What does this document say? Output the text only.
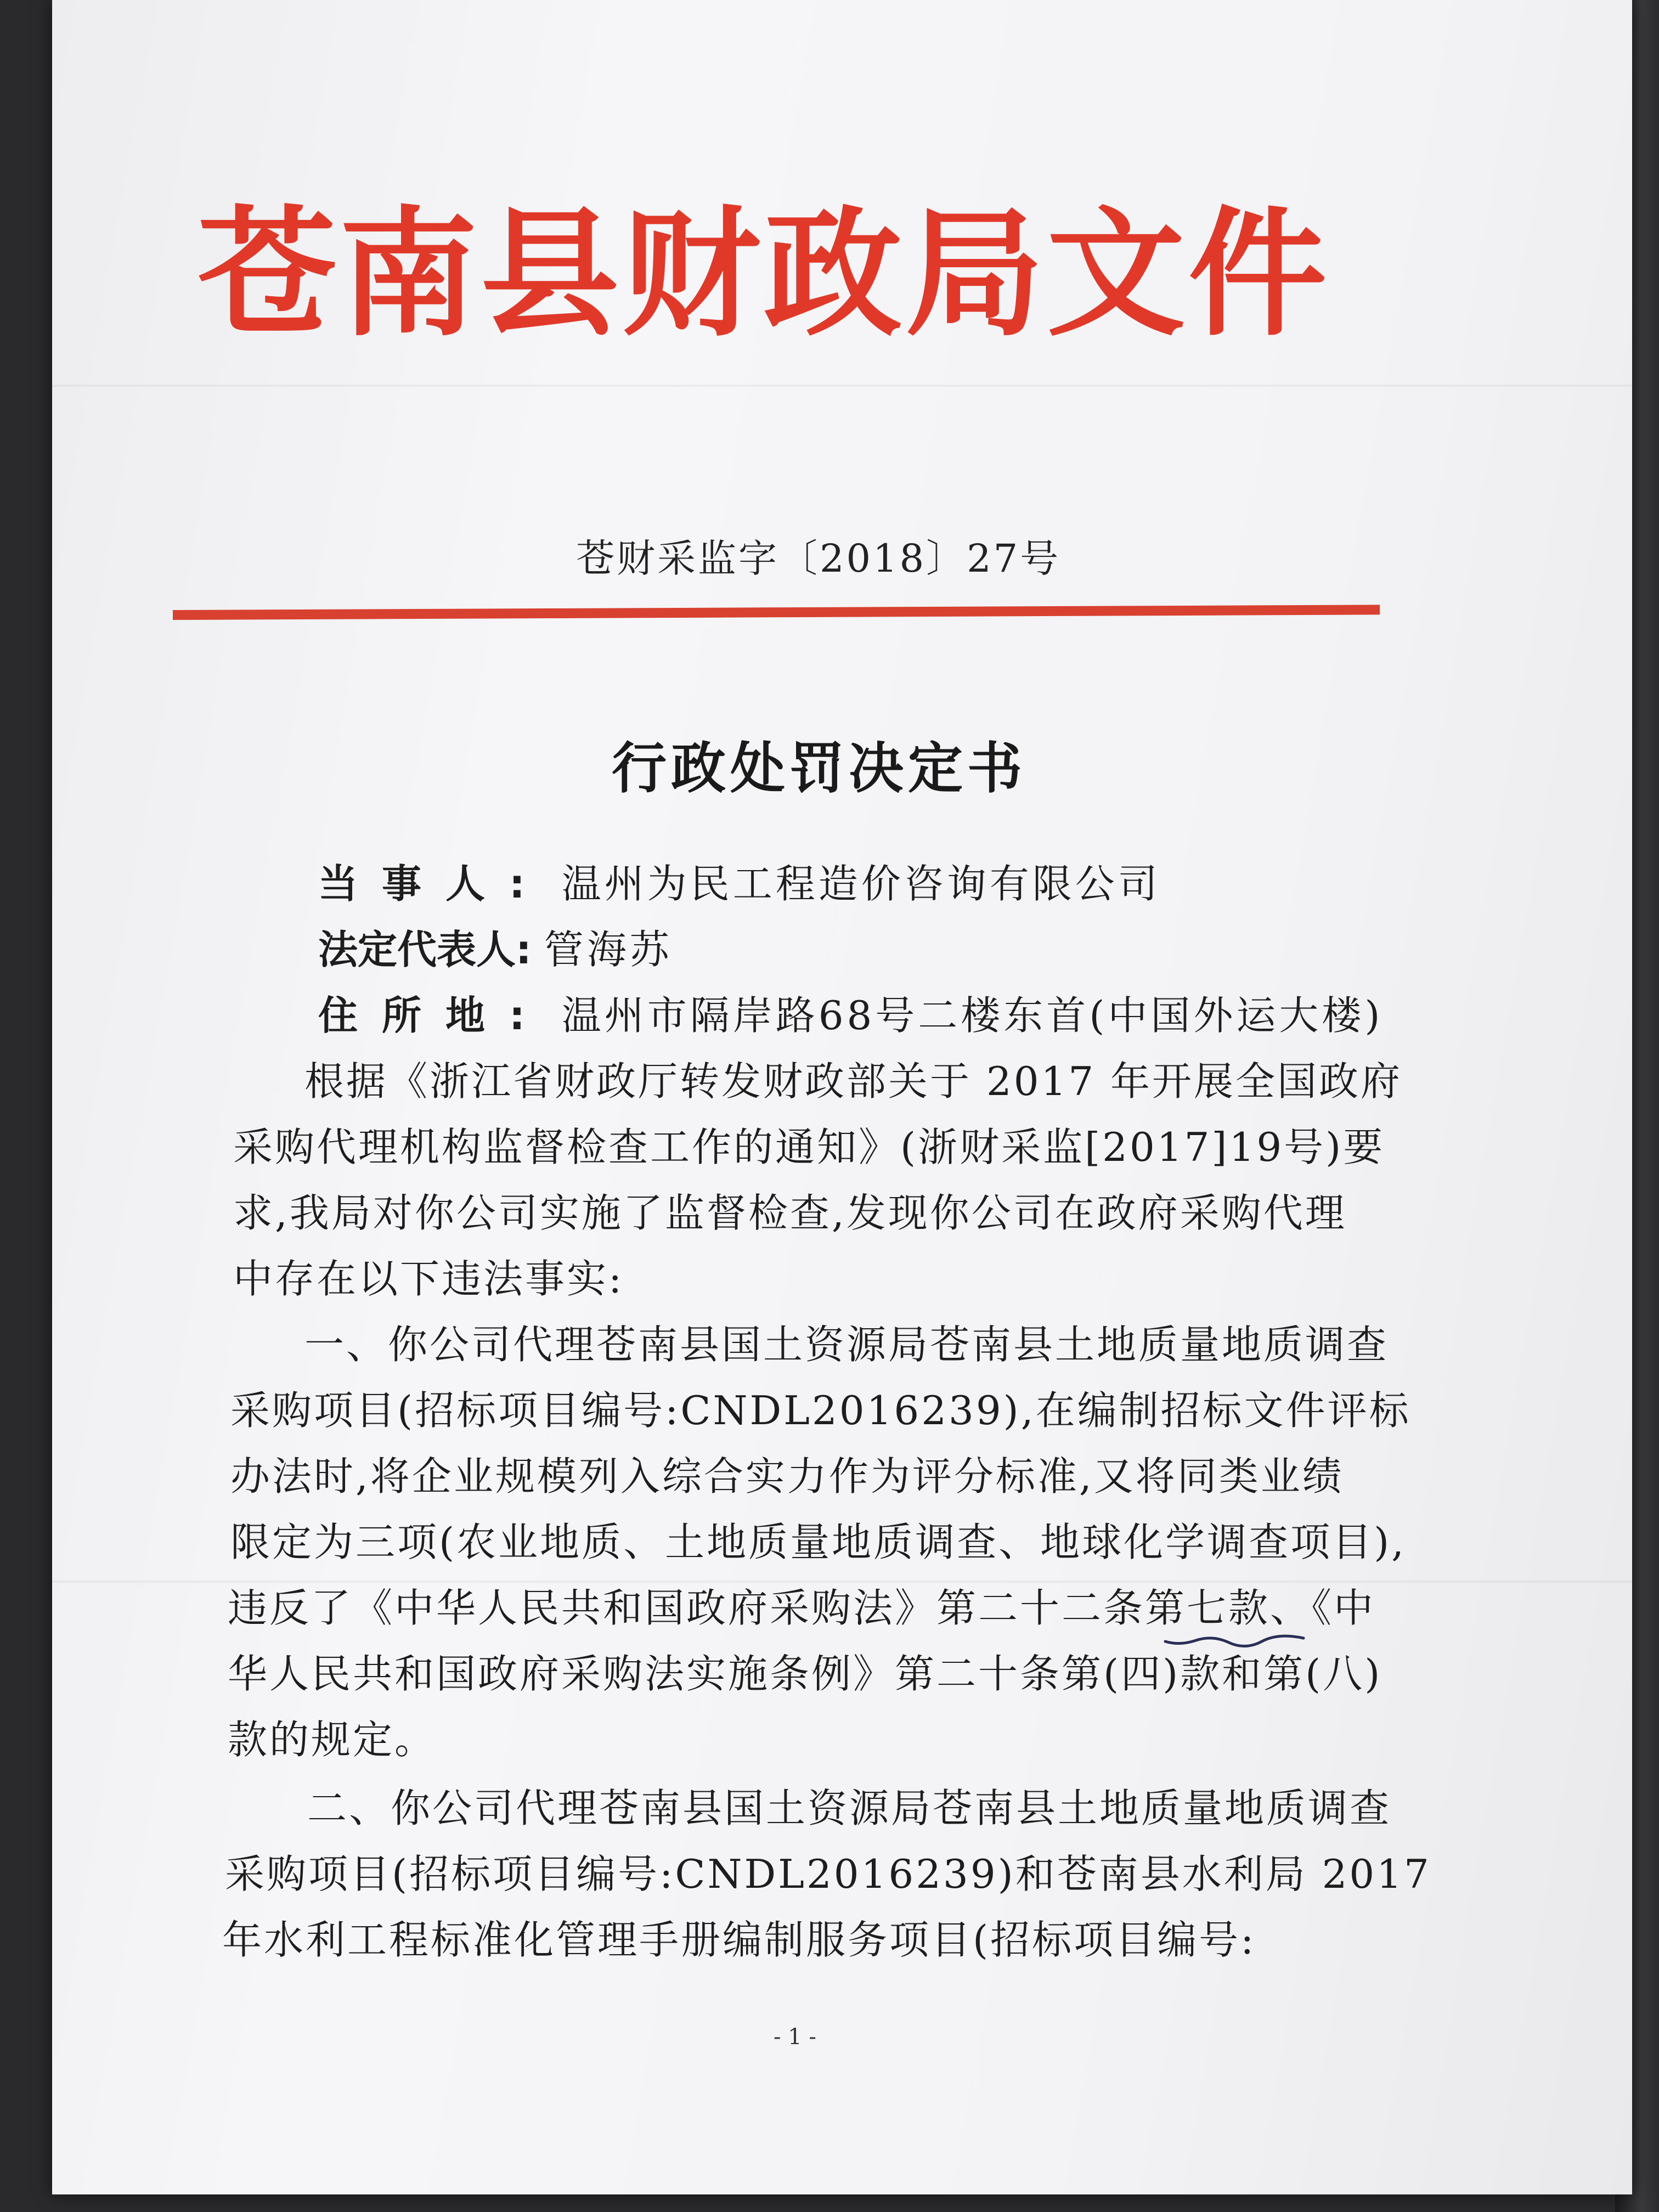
苍南县财政局文件
苍财采监字〔2018〕27号
行政处罚决定书
当事人: 温州为民工程造价咨询有限公司
法定代表人: 管海苏
住所地: 温州市隔岸路68号二楼东首(中国外运大楼)
根据《浙江省财政厅转发财政部关于 2017 年开展全国政府
采购代理机构监督检查工作的通知》(浙财采监[2017]19号)要
求,我局对你公司实施了监督检查,发现你公司在政府采购代理
中存在以下违法事实:
一、你公司代理苍南县国土资源局苍南县土地质量地质调查
采购项目(招标项目编号:CNDL2016239),在编制招标文件评标
办法时,将企业规模列入综合实力作为评分标准,又将同类业绩
限定为三项(农业地质、土地质量地质调查、地球化学调查项目),
违反了《中华人民共和国政府采购法》第二十二条第七款、《中
华人民共和国政府采购法实施条例》第二十条第(四)款和第(八)
款的规定。
二、你公司代理苍南县国土资源局苍南县土地质量地质调查
采购项目(招标项目编号:CNDL2016239)和苍南县水利局 2017
年水利工程标准化管理手册编制服务项目(招标项目编号:
- 1 -
